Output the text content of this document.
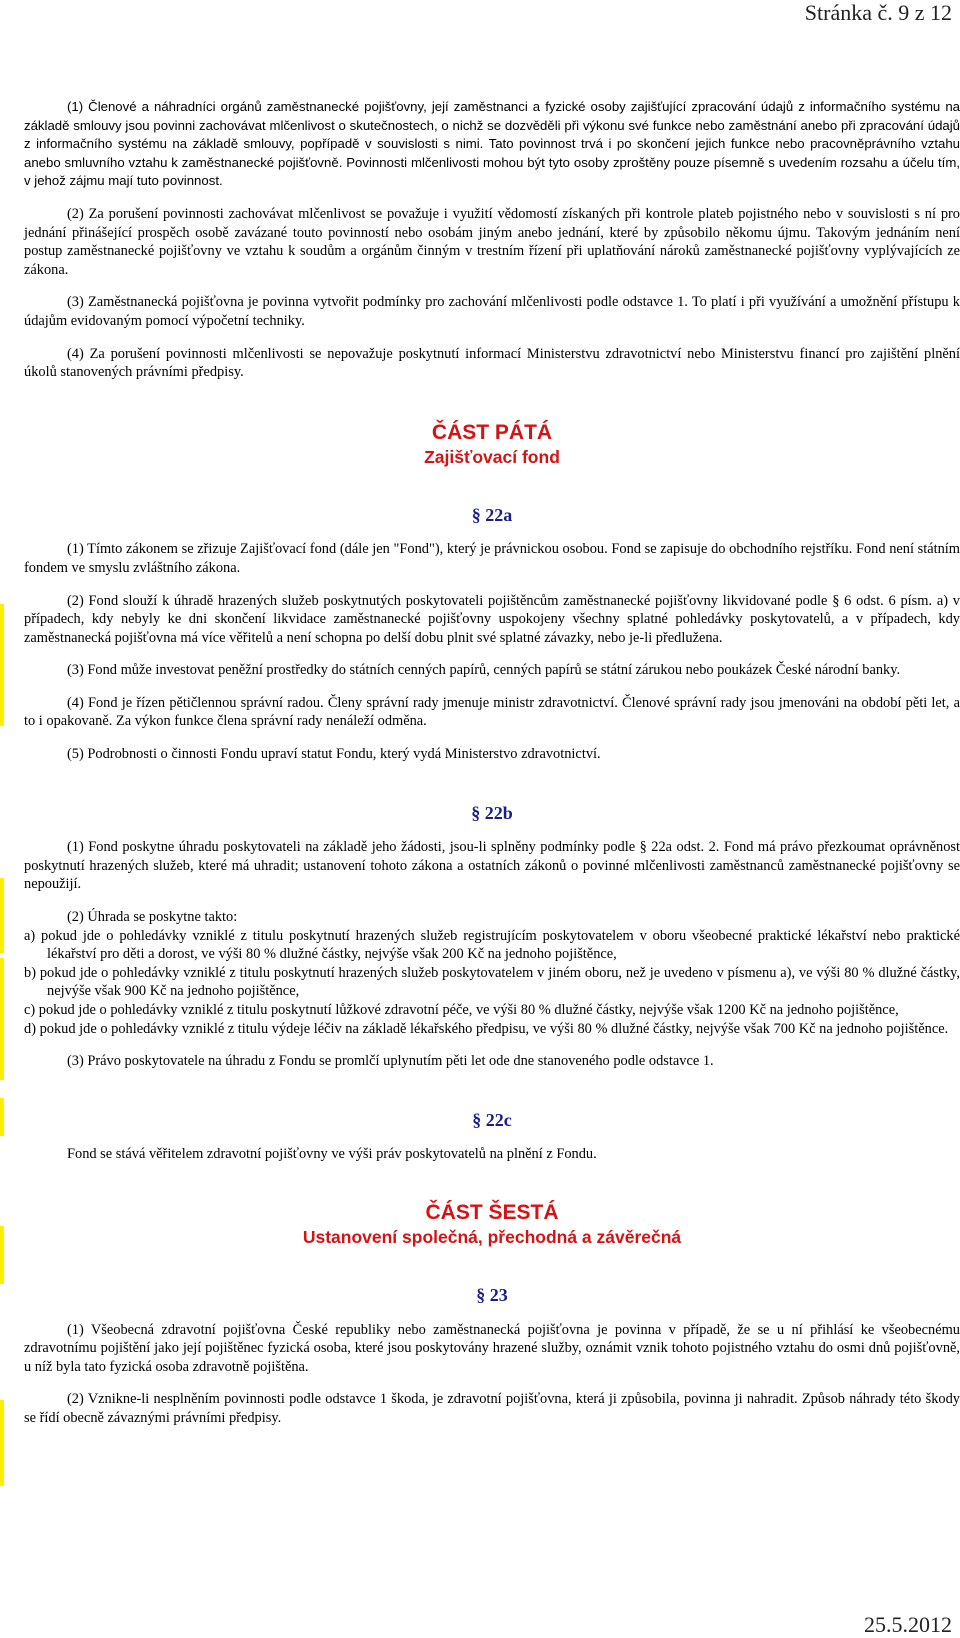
Stránka č. 9 z 12

(1) Členové a náhradníci orgánů zaměstnanecké pojišťovny, její zaměstnanci a fyzické osoby zajišťující zpracování údajů z informačního systému na základě smlouvy jsou povinni zachovávat mlčenlivost o skutečnostech, o nichž se dozvěděli při výkonu své funkce nebo zaměstnání anebo při zpracování údajů z informačního systému na základě smlouvy, popřípadě v souvislosti s nimi. Tato povinnost trvá i po skončení jejich funkce nebo pracovněprávního vztahu anebo smluvního vztahu k zaměstnanecké pojišťovně. Povinnosti mlčenlivosti mohou být tyto osoby zproštěny pouze písemně s uvedením rozsahu a účelu tím, v jehož zájmu mají tuto povinnost.

(2) Za porušení povinnosti zachovávat mlčenlivost se považuje i využití vědomostí získaných při kontrole plateb pojistného nebo v souvislosti s ní pro jednání přinášející prospěch osobě zavázané touto povinností nebo osobám jiným anebo jednání, které by způsobilo někomu újmu. Takovým jednáním není postup zaměstnanecké pojišťovny ve vztahu k soudům a orgánům činným v trestním řízení při uplatňování nároků zaměstnanecké pojišťovny vyplývajících ze zákona.

(3) Zaměstnanecká pojišťovna je povinna vytvořit podmínky pro zachování mlčenlivosti podle odstavce 1. To platí i při využívání a umožnění přístupu k údajům evidovaným pomocí výpočetní techniky.

(4) Za porušení povinnosti mlčenlivosti se nepovažuje poskytnutí informací Ministerstvu zdravotnictví nebo Ministerstvu financí pro zajištění plnění úkolů stanovených právními předpisy.

ČÁST PÁTÁ

Zajišťovací fond

§ 22a

(1) Tímto zákonem se zřizuje Zajišťovací fond (dále jen "Fond"), který je právnickou osobou. Fond se zapisuje do obchodního rejstříku. Fond není státním fondem ve smyslu zvláštního zákona.

(2) Fond slouží k úhradě hrazených služeb poskytnutých poskytovateli pojištěncům zaměstnanecké pojišťovny likvidované podle § 6 odst. 6 písm. a) v případech, kdy nebyly ke dni skončení likvidace zaměstnanecké pojišťovny uspokojeny všechny splatné pohledávky poskytovatelů, a v případech, kdy zaměstnanecká pojišťovna má více věřitelů a není schopna po delší dobu plnit své splatné závazky, nebo je-li předlužena.

(3) Fond může investovat peněžní prostředky do státních cenných papírů, cenných papírů se státní zárukou nebo poukázek České národní banky.

(4) Fond je řízen pětičlennou správní radou. Členy správní rady jmenuje ministr zdravotnictví. Členové správní rady jsou jmenováni na období pěti let, a to i opakovaně. Za výkon funkce člena správní rady nenáleží odměna.

(5) Podrobnosti o činnosti Fondu upraví statut Fondu, který vydá Ministerstvo zdravotnictví.

§ 22b

(1) Fond poskytne úhradu poskytovateli na základě jeho žádosti, jsou-li splněny podmínky podle § 22a odst. 2. Fond má právo přezkoumat oprávněnost poskytnutí hrazených služeb, které má uhradit; ustanovení tohoto zákona a ostatních zákonů o povinné mlčenlivosti zaměstnanců zaměstnanecké pojišťovny se nepoužijí.

(2) Úhrada se poskytne takto:

a) pokud jde o pohledávky vzniklé z titulu poskytnutí hrazených služeb registrujícím poskytovatelem v oboru všeobecné praktické lékařství nebo praktické lékařství pro děti a dorost, ve výši 80 % dlužné částky, nejvýše však 200 Kč na jednoho pojištěnce,

b) pokud jde o pohledávky vzniklé z titulu poskytnutí hrazených služeb poskytovatelem v jiném oboru, než je uvedeno v písmenu a), ve výši 80 % dlužné částky, nejvýše však 900 Kč na jednoho pojištěnce,

c) pokud jde o pohledávky vzniklé z titulu poskytnutí lůžkové zdravotní péče, ve výši 80 % dlužné částky, nejvýše však 1200 Kč na jednoho pojištěnce,

d) pokud jde o pohledávky vzniklé z titulu výdeje léčiv na základě lékařského předpisu, ve výši 80 % dlužné částky, nejvýše však 700 Kč na jednoho pojištěnce.

(3) Právo poskytovatele na úhradu z Fondu se promlčí uplynutím pěti let ode dne stanoveného podle odstavce 1.

§ 22c

Fond se stává věřitelem zdravotní pojišťovny ve výši práv poskytovatelů na plnění z Fondu.

ČÁST ŠESTÁ

Ustanovení společná, přechodná a závěrečná

§ 23

(1) Všeobecná zdravotní pojišťovna České republiky nebo zaměstnanecká pojišťovna je povinna v případě, že se u ní přihlásí ke všeobecnému zdravotnímu pojištění jako její pojištěnec fyzická osoba, které jsou poskytovány hrazené služby, oznámit vznik tohoto pojistného vztahu do osmi dnů pojišťovně, u níž byla tato fyzická osoba zdravotně pojištěna.

(2) Vznikne-li nesplněním povinnosti podle odstavce 1 škoda, je zdravotní pojišťovna, která ji způsobila, povinna ji nahradit. Způsob náhrady této škody se řídí obecně závaznými právními předpisy.

25.5.2012
